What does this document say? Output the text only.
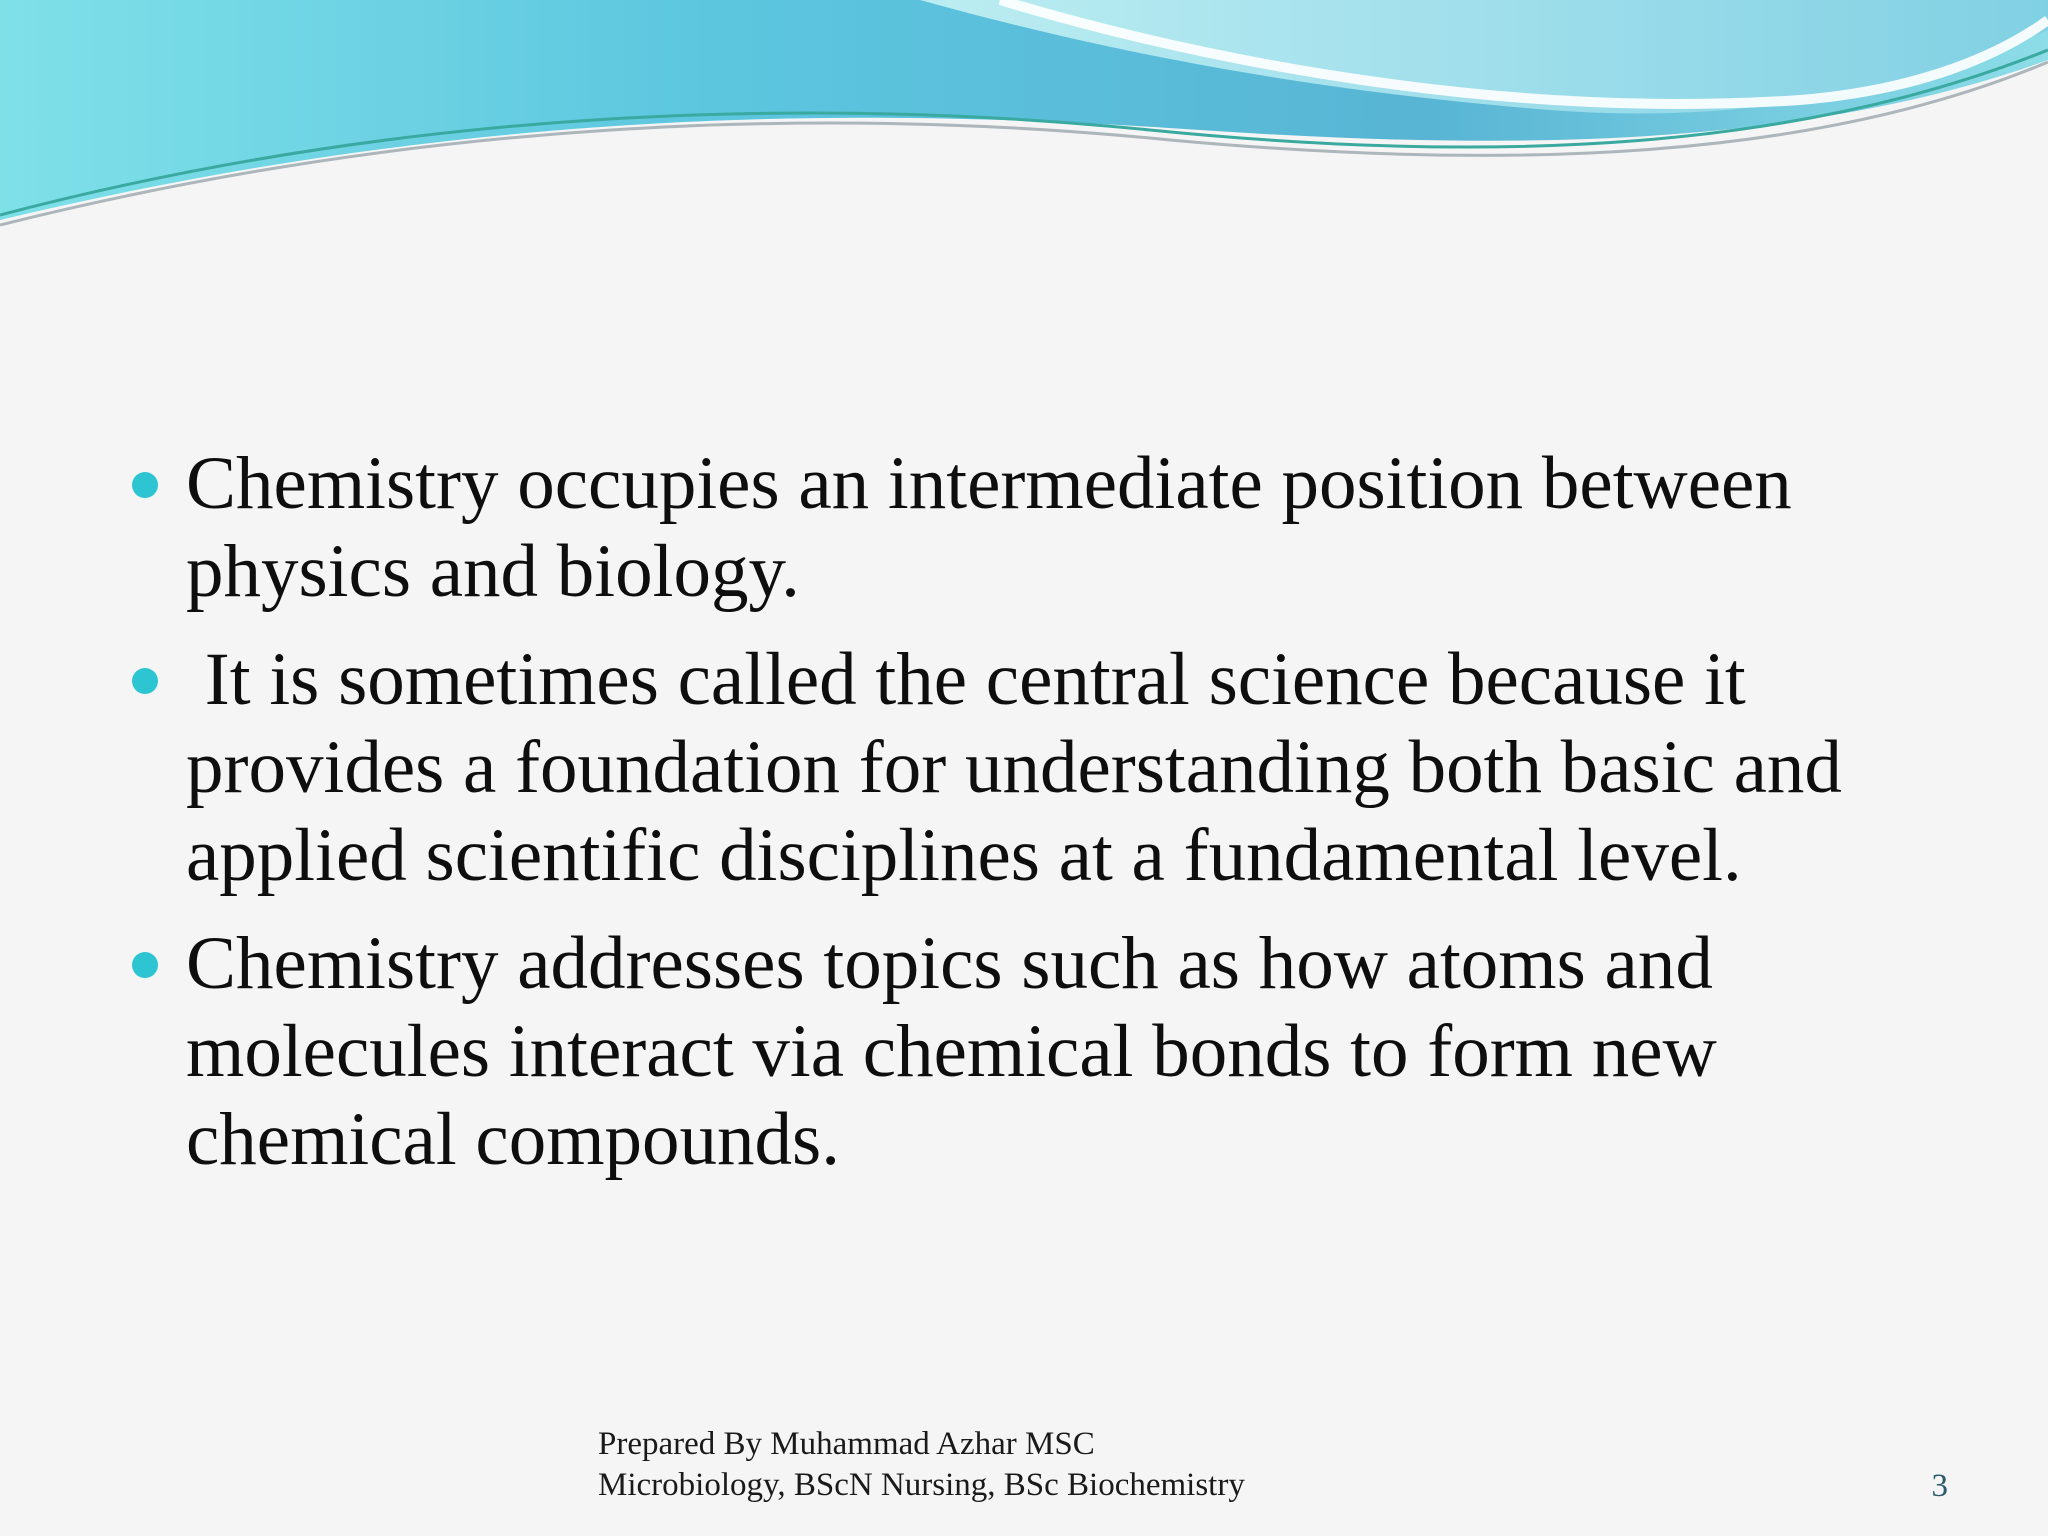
Chemistry occupies an intermediate position between physics and biology.
It is sometimes called the central science because it provides a foundation for understanding both basic and applied scientific disciplines at a fundamental level.
Chemistry addresses topics such as how atoms and molecules interact via chemical bonds to form new chemical compounds.
Prepared By Muhammad Azhar MSC
Microbiology, BScN Nursing, BSc Biochemistry	3
